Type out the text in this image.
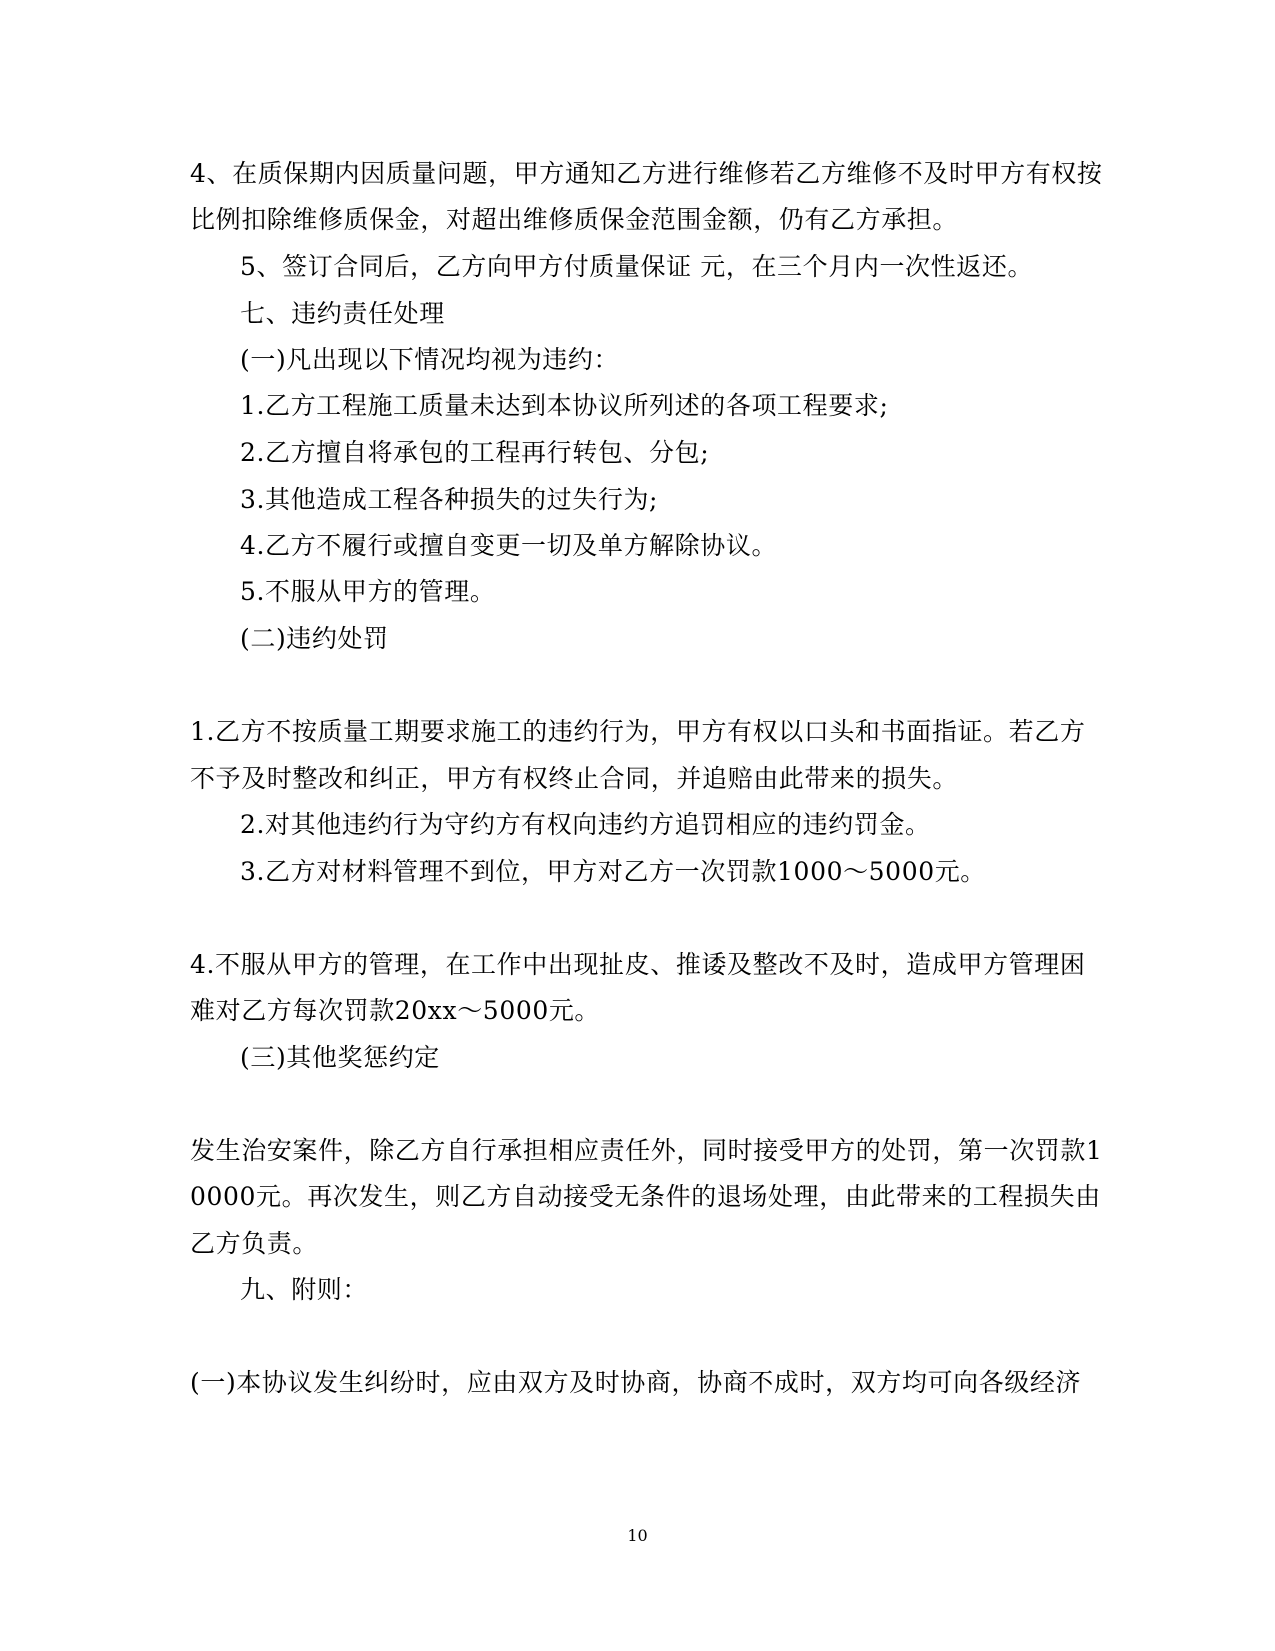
4、在质保期内因质量问题，甲方通知乙方进行维修若乙方维修不及时甲方有权按
比例扣除维修质保金，对超出维修质保金范围金额，仍有乙方承担。
5、签订合同后，乙方向甲方付质量保证 元，在三个月内一次性返还。
七、违约责任处理
(一)凡出现以下情况均视为违约：
1.乙方工程施工质量未达到本协议所列述的各项工程要求;
2.乙方擅自将承包的工程再行转包、分包;
3.其他造成工程各种损失的过失行为;
4.乙方不履行或擅自变更一切及单方解除协议。
5.不服从甲方的管理。
(二)违约处罚
1.乙方不按质量工期要求施工的违约行为，甲方有权以口头和书面指证。若乙方
不予及时整改和纠正，甲方有权终止合同，并追赔由此带来的损失。
2.对其他违约行为守约方有权向违约方追罚相应的违约罚金。
3.乙方对材料管理不到位，甲方对乙方一次罚款1000～5000元。
4.不服从甲方的管理，在工作中出现扯皮、推诿及整改不及时，造成甲方管理困
难对乙方每次罚款20xx～5000元。
(三)其他奖惩约定
发生治安案件，除乙方自行承担相应责任外，同时接受甲方的处罚，第一次罚款1
0000元。再次发生，则乙方自动接受无条件的退场处理，由此带来的工程损失由
乙方负责。
九、附则：
(一)本协议发生纠纷时，应由双方及时协商，协商不成时，双方均可向各级经济
10
